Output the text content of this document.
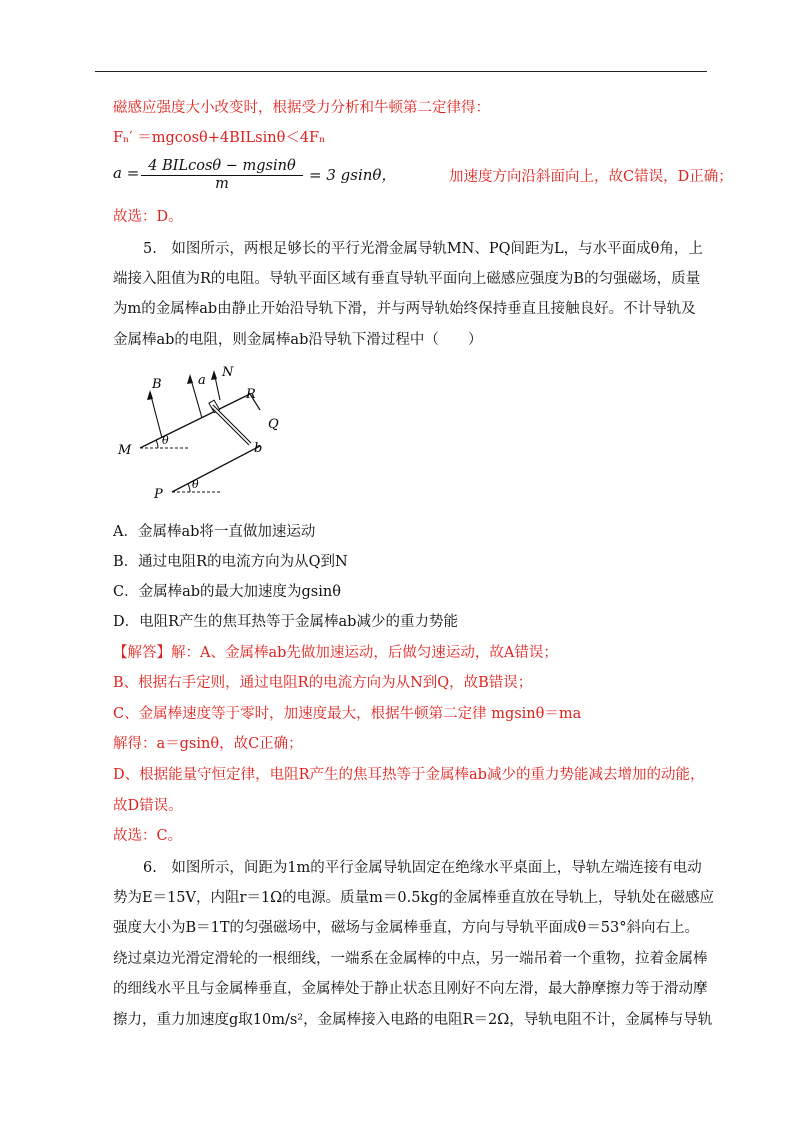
磁感应强度大小改变时，根据受力分析和牛顿第二定律得：
Fₙ′ ＝mgcosθ+4BILsinθ＜4Fₙ
a = 4 BILcosθ − mgsinθ
m	= 3 gsinθ，	加速度方向沿斜面向上，故C错误，D正确；
故选：D。
5.　如图所示，两根足够长的平行光滑金属导轨MN、PQ间距为L，与水平面成θ角，上
端接入阻值为R的电阻。导轨平面区域有垂直导轨平面向上磁感应强度为B的匀强磁场，质量
为m的金属棒ab由静止开始沿导轨下滑，并与两导轨始终保持垂直且接触良好。不计导轨及
金属棒ab的电阻，则金属棒ab沿导轨下滑过程中（　　）
B	a
N
R
Q
b
M
P
θ
θ
A．金属棒ab将一直做加速运动
B．通过电阻R的电流方向为从Q到N
C．金属棒ab的最大加速度为gsinθ
D．电阻R产生的焦耳热等于金属棒ab减少的重力势能
【解答】解：A、金属棒ab先做加速运动，后做匀速运动，故A错误；
B、根据右手定则，通过电阻R的电流方向为从N到Q，故B错误；
C、金属棒速度等于零时，加速度最大，根据牛顿第二定律 mgsinθ＝ma
解得：a＝gsinθ，故C正确；
D、根据能量守恒定律，电阻R产生的焦耳热等于金属棒ab减少的重力势能减去增加的动能，
故D错误。
故选：C。
6.　如图所示，间距为1m的平行金属导轨固定在绝缘水平桌面上，导轨左端连接有电动
势为E＝15V，内阻r＝1Ω的电源。质量m＝0.5kg的金属棒垂直放在导轨上，导轨处在磁感应
强度大小为B＝1T的匀强磁场中，磁场与金属棒垂直，方向与导轨平面成θ＝53°斜向右上。
绕过桌边光滑定滑轮的一根细线，一端系在金属棒的中点，另一端吊着一个重物，拉着金属棒
的细线水平且与金属棒垂直，金属棒处于静止状态且刚好不向左滑，最大静摩擦力等于滑动摩
擦力，重力加速度g取10m/s²，金属棒接入电路的电阻R＝2Ω，导轨电阻不计，金属棒与导轨
